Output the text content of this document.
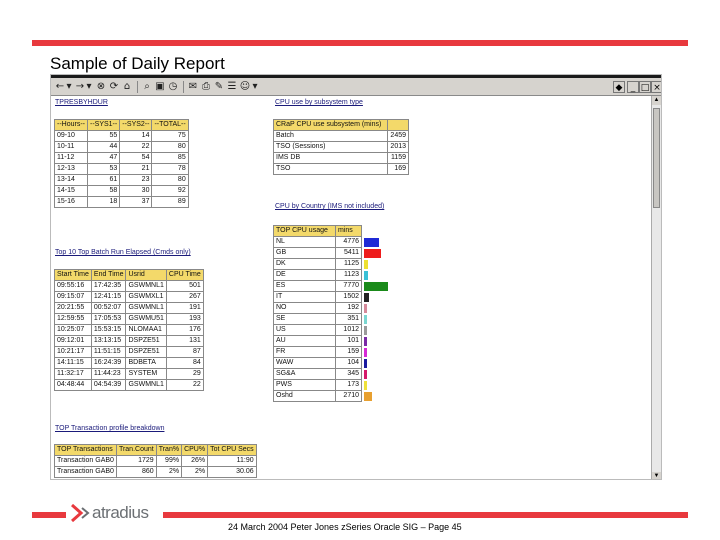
Sample of Daily Report
← ▾ → ▾ ⊗ ⟳ ⌂	⌕ ▣ ◷ ✉ ⎙ ✎ ☰ ☺ ▾	◆ _ □ ×
▲
▼
TPRESBYHDUR
--Hours--	--SYS1--	--SYS2--	--TOTAL--
09-10	55	14	75
10-11	44	22	80
11-12	47	54	85
12-13	53	21	78
13-14	61	23	80
14-15	58	30	92
15-16	18	37	89
CPU use by subsystem type
CRaP CPU use subsystem (mins)	
Batch	2459
TSO (Sessions)	2013
IMS DB	1159
TSO	169
CPU by Country (IMS not included)
TOP CPU usage	mins	
NL	4776	

GB	5411	

DK	1125	

DE	1123	

ES	7770	

IT	1502	

NO	192	

SE	351	

US	1012	

AU	101	

FR	159	

WAW	104	

SG&A	345	

PWS	173	

Oshd	2710	
Top 10 Top Batch Run Elapsed (Cmds only)
Start Time	End Time	Usrid	CPU Time
09:55:16	17:42:35	GSWMNL1	501
09:15:07	12:41:15	GSWMXL1	267
20:21:55	00:52:07	GSWMNL1	191
12:59:55	17:05:53	GSWMU51	193
10:25:07	15:53:15	NLOMAA1	176
09:12:01	13:13:15	DSPZE51	131
10:21:17	11:51:15	DSPZE51	87
14:11:15	16:24:39	BDBETA	84
11:32:17	11:44:23	SYSTEM	29
04:48:44	04:54:39	GSWMNL1	22
TOP Transaction profile breakdown
TOP Transactions	Tran.Count	Tran%	CPU%	Tot CPU Secs
Transaction GAB0	1729	99%	26%	11:90
Transaction GAB0	860	2%	2%	30.06
atradius
24 March 2004 Peter Jones zSeries Oracle SIG – Page 45
